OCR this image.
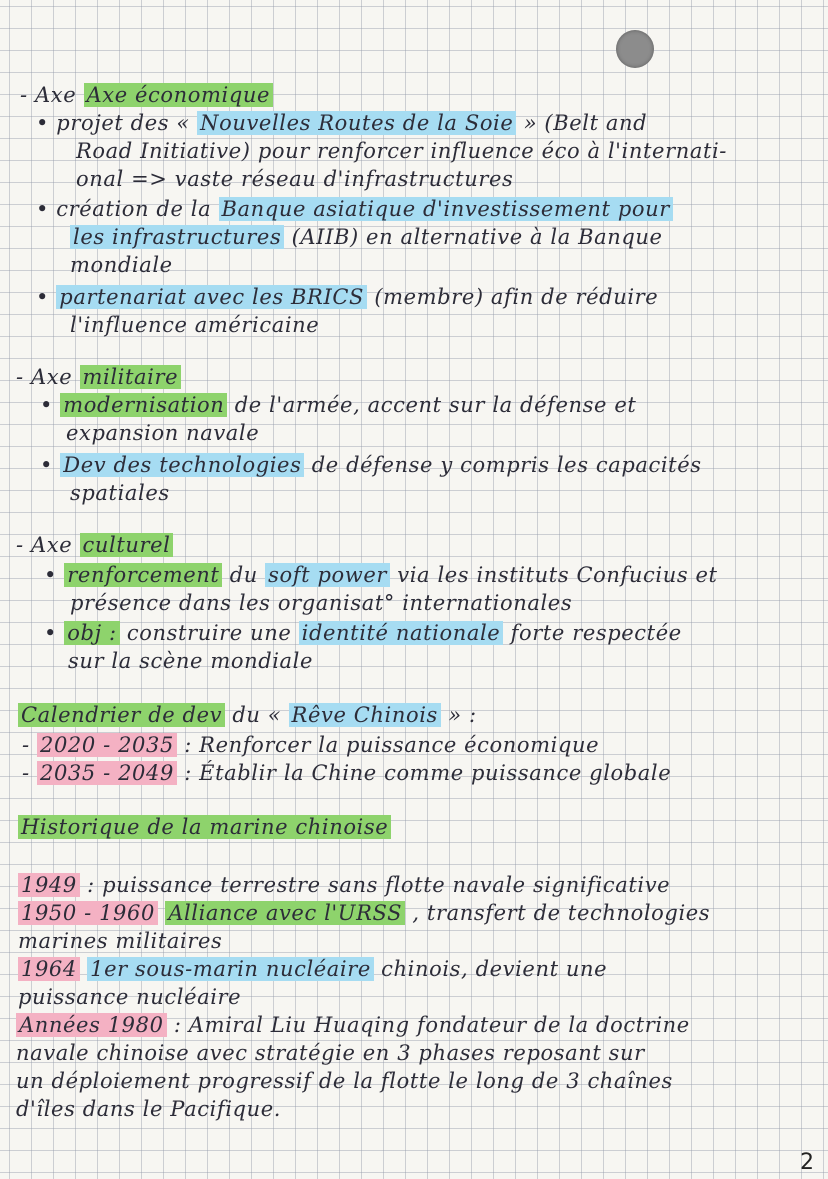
- Axe Axe économique
• projet des « Nouvelles Routes de la Soie » (Belt and
Road Initiative) pour renforcer influence éco à l'internati-
onal => vaste réseau d'infrastructures
• création de la Banque asiatique d'investissement pour
les infrastructures (AIIB) en alternative à la Banque
mondiale
• partenariat avec les BRICS (membre) afin de réduire
l'influence américaine
- Axe militaire
• modernisation de l'armée, accent sur la défense et
expansion navale
• Dev des technologies de défense y compris les capacités
spatiales
- Axe culturel
• renforcement du soft power via les instituts Confucius et
présence dans les organisat° internationales
• obj : construire une identité nationale forte respectée
sur la scène mondiale
Calendrier de dev du « Rêve Chinois » :
- 2020 - 2035 : Renforcer la puissance économique
- 2035 - 2049 : Établir la Chine comme puissance globale
Historique de la marine chinoise
1949 : puissance terrestre sans flotte navale significative
1950 - 1960 Alliance avec l'URSS , transfert de technologies
marines militaires
1964 1er sous-marin nucléaire chinois, devient une
puissance nucléaire
Années 1980 : Amiral Liu Huaqing fondateur de la doctrine
navale chinoise avec stratégie en 3 phases reposant sur
un déploiement progressif de la flotte le long de 3 chaînes
d'îles dans le Pacifique.
2
